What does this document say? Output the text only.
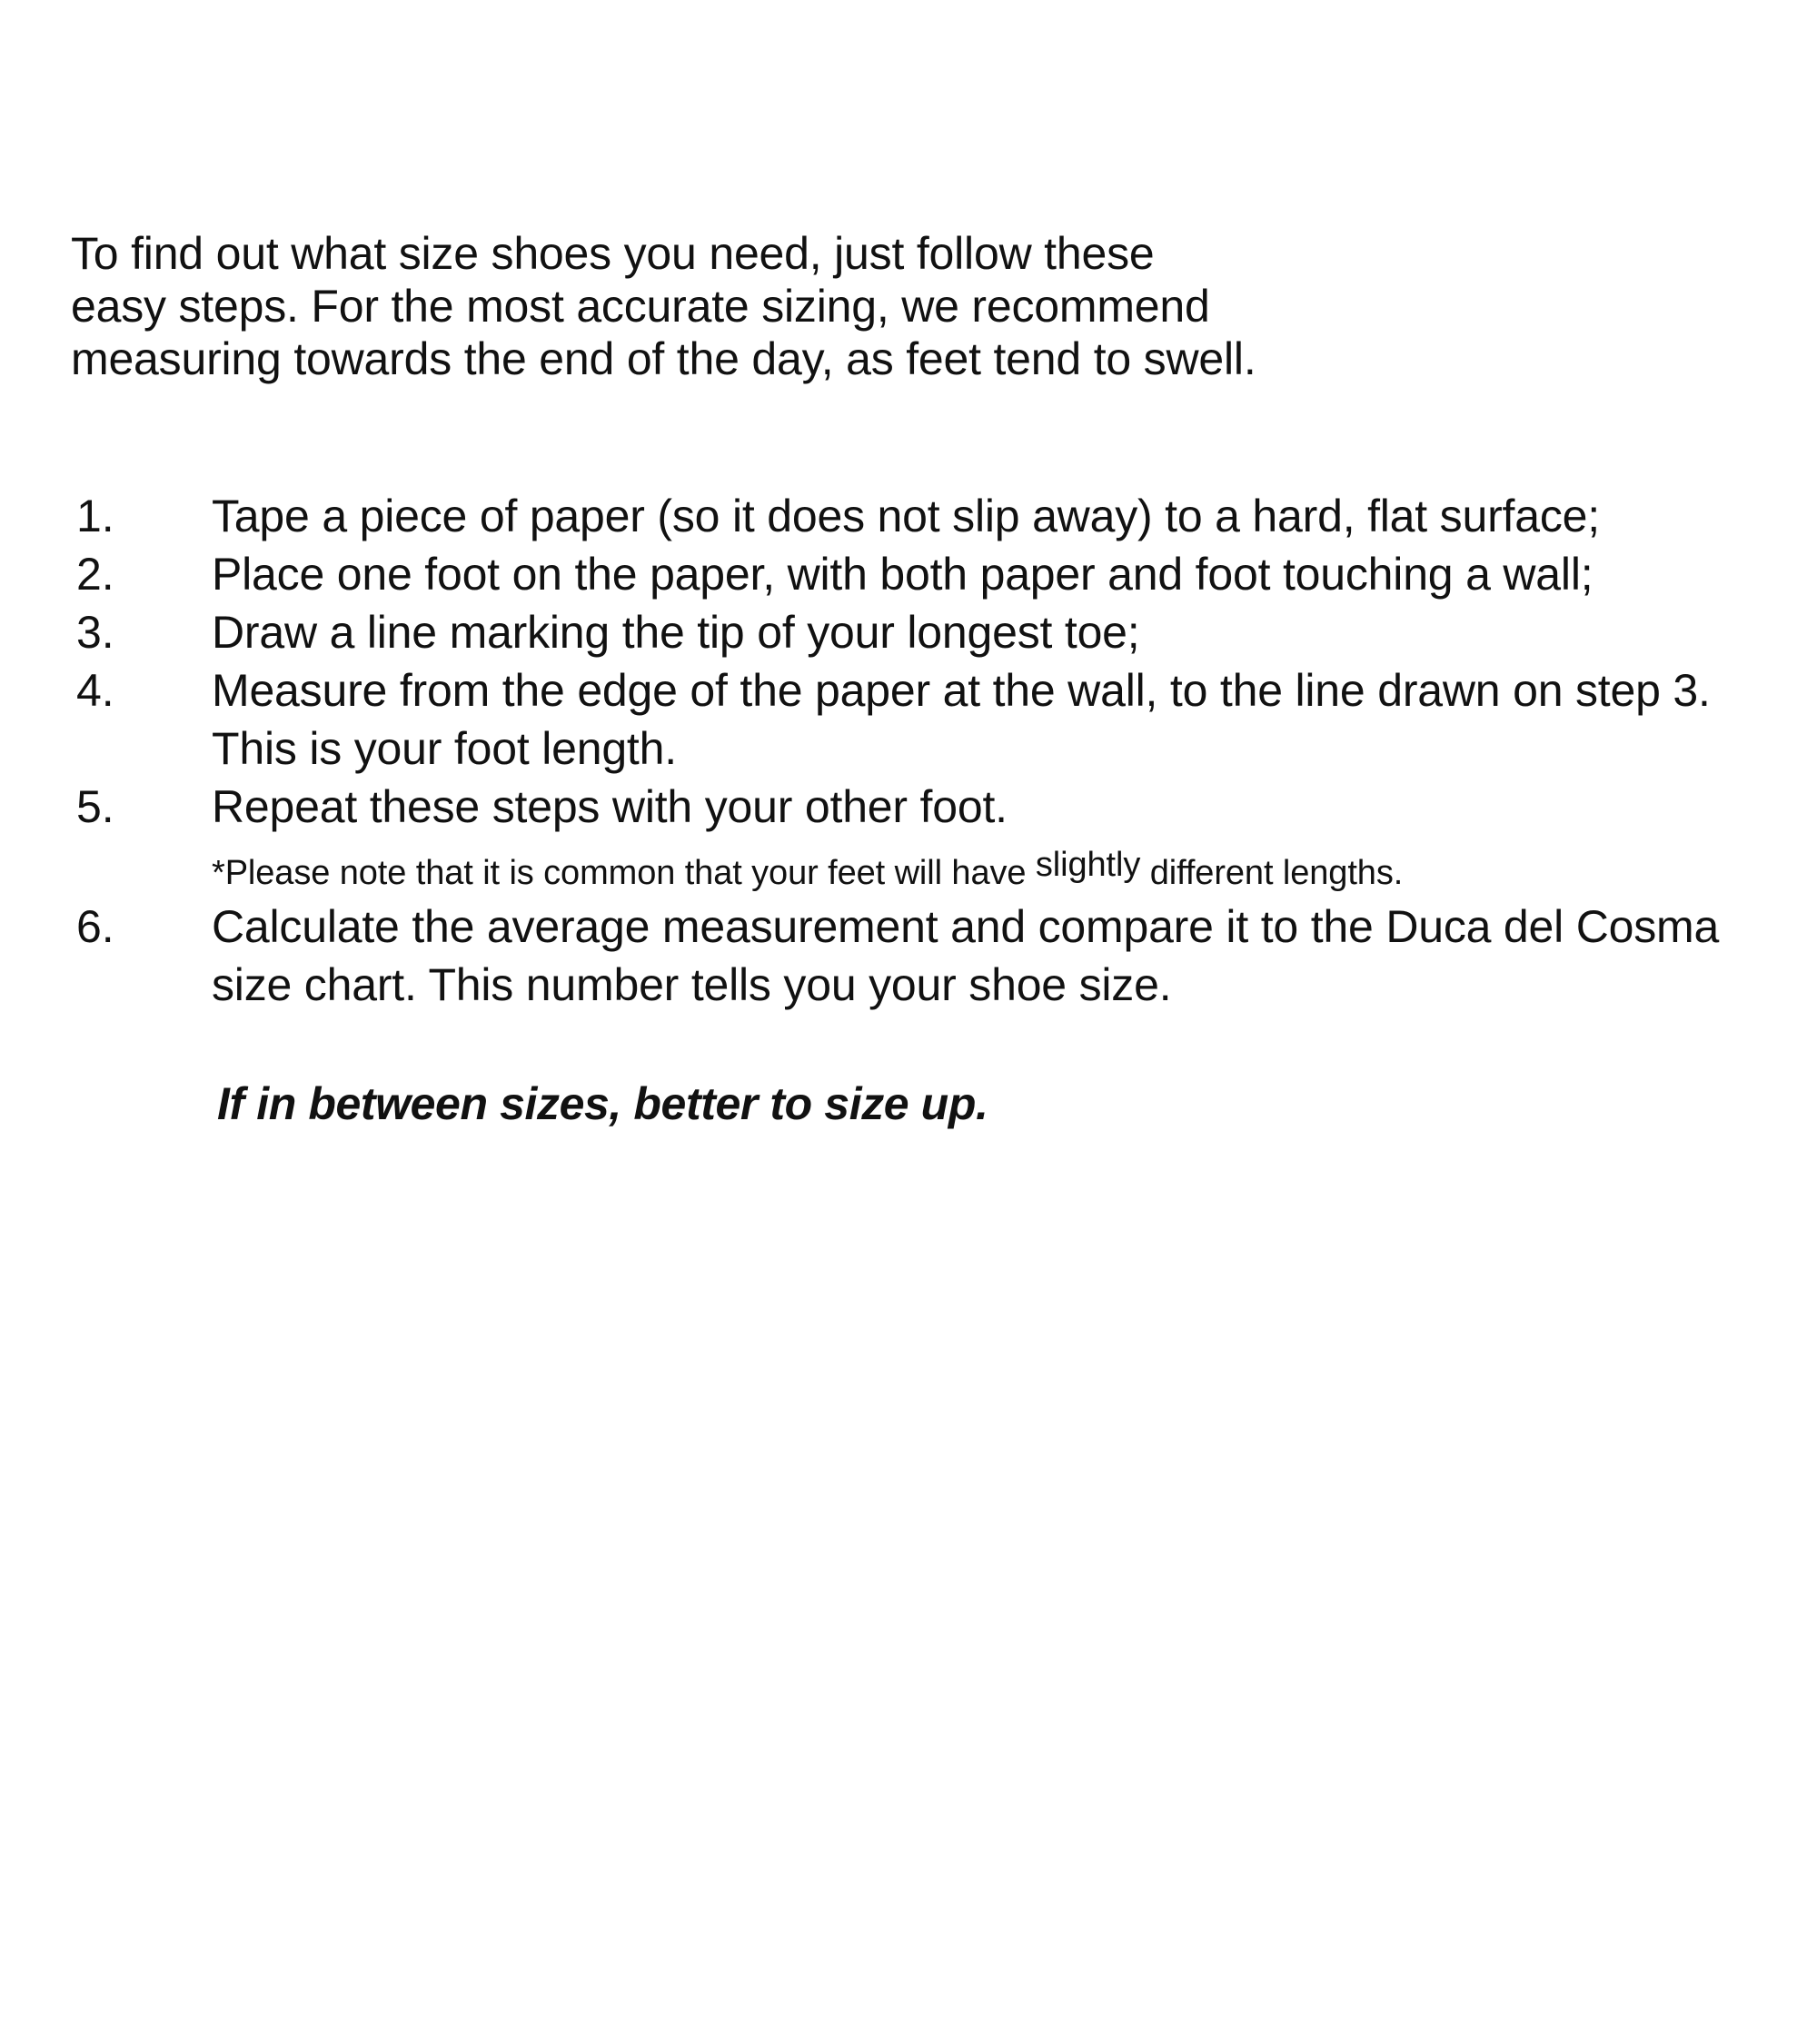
To find out what size shoes you need, just follow these
easy steps. For the most accurate sizing, we recommend
measuring towards the end of the day, as feet tend to swell.
1.	Tape a piece of paper (so it does not slip away) to a hard, flat surface;
2.	Place one foot on the paper, with both paper and foot touching a wall;
3.	Draw a line marking the tip of your longest toe;
4.	Measure from the edge of the paper at the wall, to the line drawn on step 3. This is your foot length.
5.	Repeat these steps with your other foot.
*Please note that it is common that your feet will have slightly different lengths.
6.	Calculate the average measurement and compare it to the Duca del Cosma size chart. This number tells you your shoe size.
If in between sizes, better to size up.
